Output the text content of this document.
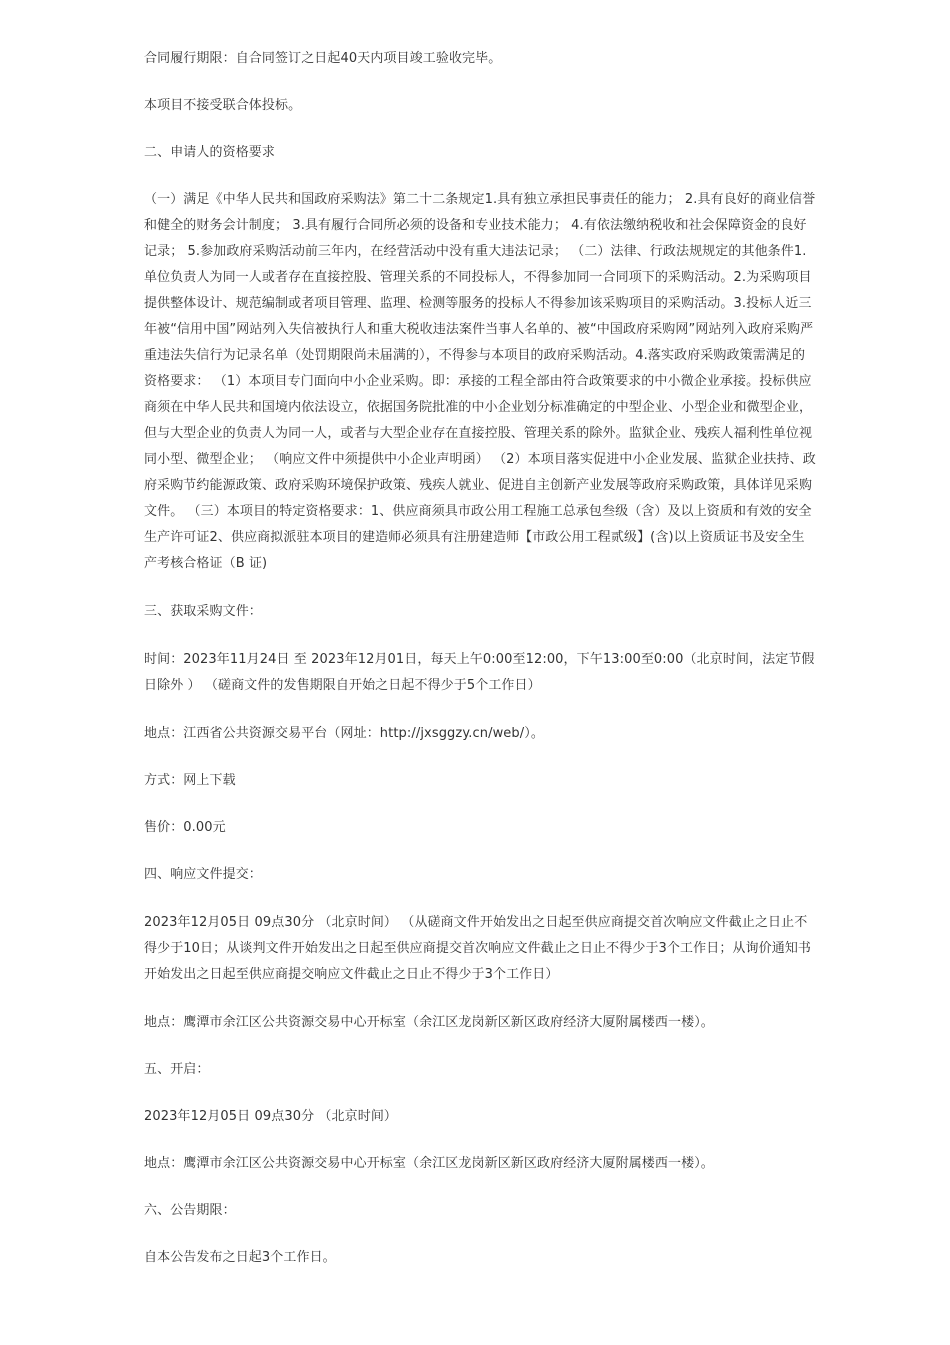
合同履行期限：自合同签订之日起40天内项目竣工验收完毕。

本项目不接受联合体投标。

二、申请人的资格要求

（一）满足《中华人民共和国政府采购法》第二十二条规定1.具有独立承担民事责任的能力； 2.具有良好的商业信誉和健全的财务会计制度； 3.具有履行合同所必须的设备和专业技术能力； 4.有依法缴纳税收和社会保障资金的良好记录； 5.参加政府采购活动前三年内，在经营活动中没有重大违法记录； （二）法律、行政法规规定的其他条件1.单位负责人为同一人或者存在直接控股、管理关系的不同投标人，不得参加同一合同项下的采购活动。2.为采购项目提供整体设计、规范编制或者项目管理、监理、检测等服务的投标人不得参加该采购项目的采购活动。3.投标人近三年被“信用中国”网站列入失信被执行人和重大税收违法案件当事人名单的、被“中国政府采购网”网站列入政府采购严重违法失信行为记录名单（处罚期限尚未届满的），不得参与本项目的政府采购活动。4.落实政府采购政策需满足的资格要求： （1）本项目专门面向中小企业采购。即：承接的工程全部由符合政策要求的中小微企业承接。投标供应商须在中华人民共和国境内依法设立，依据国务院批准的中小企业划分标准确定的中型企业、小型企业和微型企业，但与大型企业的负责人为同一人，或者与大型企业存在直接控股、管理关系的除外。监狱企业、残疾人福利性单位视同小型、微型企业； （响应文件中须提供中小企业声明函） （2）本项目落实促进中小企业发展、监狱企业扶持、政府采购节约能源政策、政府采购环境保护政策、残疾人就业、促进自主创新产业发展等政府采购政策，具体详见采购文件。 （三）本项目的特定资格要求：1、供应商须具市政公用工程施工总承包叁级（含）及以上资质和有效的安全生产许可证2、供应商拟派驻本项目的建造师必须具有注册建造师【市政公用工程贰级】(含)以上资质证书及安全生产考核合格证（B 证)

三、获取采购文件：

时间：2023年11月24日 至 2023年12月01日，每天上午0:00至12:00，下午13:00至0:00（北京时间，法定节假日除外 ） （磋商文件的发售期限自开始之日起不得少于5个工作日）

地点：江西省公共资源交易平台（网址：http://jxsggzy.cn/web/）。

方式：网上下载

售价：0.00元

四、响应文件提交：

2023年12月05日 09点30分 （北京时间） （从磋商文件开始发出之日起至供应商提交首次响应文件截止之日止不得少于10日；从谈判文件开始发出之日起至供应商提交首次响应文件截止之日止不得少于3个工作日；从询价通知书开始发出之日起至供应商提交响应文件截止之日止不得少于3个工作日）

地点：鹰潭市余江区公共资源交易中心开标室（余江区龙岗新区新区政府经济大厦附属楼西一楼）。

五、开启：

2023年12月05日 09点30分 （北京时间）

地点：鹰潭市余江区公共资源交易中心开标室（余江区龙岗新区新区政府经济大厦附属楼西一楼）。

六、公告期限：

自本公告发布之日起3个工作日。
